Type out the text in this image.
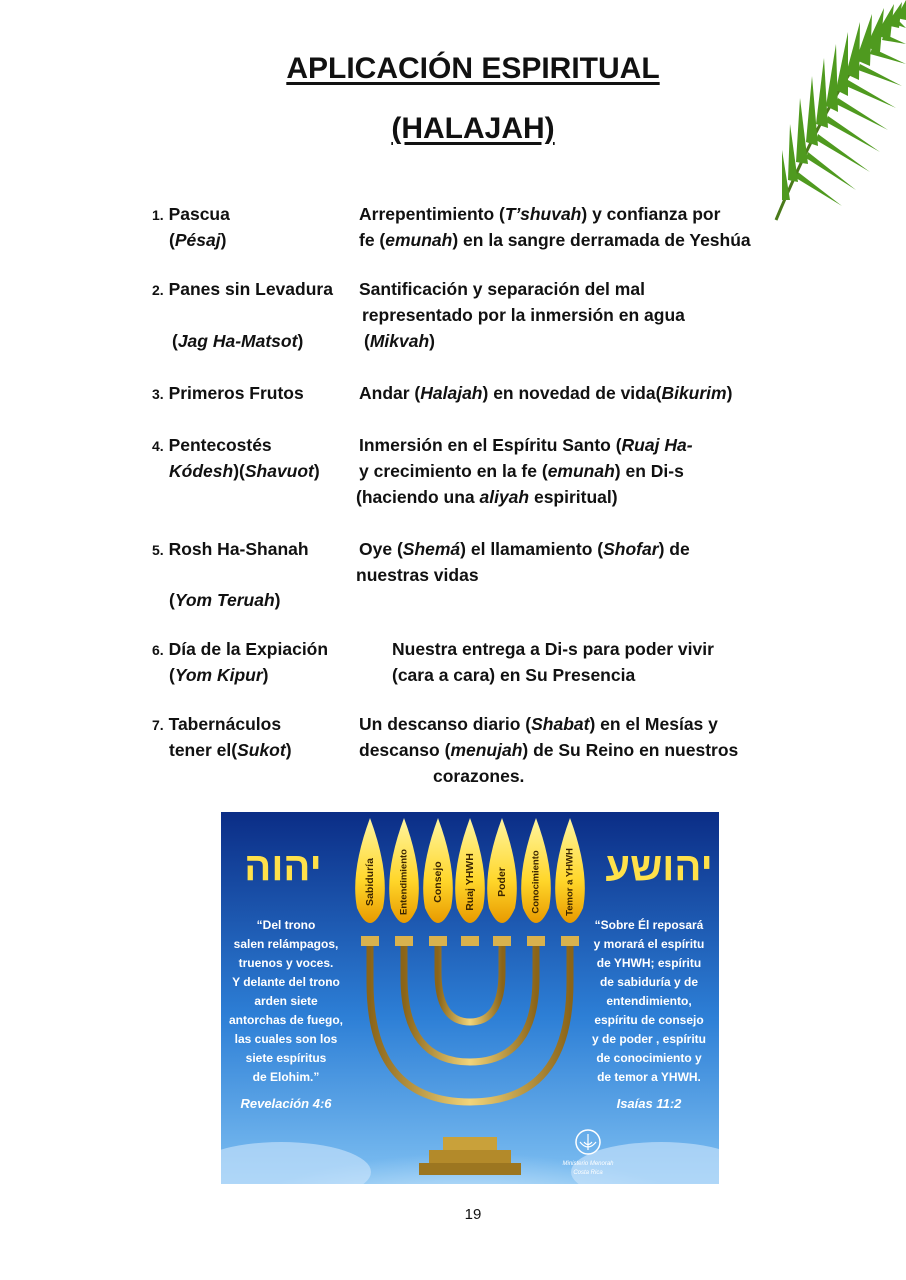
APLICACIÓN ESPIRITUAL
(HALAJAH)
1. Pascua
(Pésaj)
Arrepentimiento (T’shuvah) y confianza por
fe (emunah) en la sangre derramada de Yeshúa
2. Panes sin Levadura
(Jag Ha-Matsot)
Santificación y separación del mal
representado por la inmersión en agua
(Mikvah)
3. Primeros Frutos	Andar (Halajah) en novedad de vida(Bikurim)
4. Pentecostés
Kódesh)(Shavuot)
Inmersión en el Espíritu Santo (Ruaj Ha-
y crecimiento en la fe (emunah) en Di-s
(haciendo una aliyah espiritual)
5. Rosh Ha-Shanah
(Yom Teruah)
Oye (Shemá) el llamamiento (Shofar) de
nuestras vidas
6. Día de la Expiación
(Yom Kipur)
Nuestra entrega a Di-s para poder vivir
(cara a cara) en Su Presencia
7. Tabernáculos
tener el(Sukot)
Un descanso diario (Shabat) en el Mesías y
descanso (menujah) de Su Reino en nuestros
corazones.
יהוה	יהושע
Sabiduría Entendimiento Consejo Ruaj YHWH Poder Conocimiento Temor a YHWH
“Del trono
salen relámpagos,
truenos y voces.
Y delante del trono
arden siete
antorchas de fuego,
las cuales son los
siete espíritus
de Elohim.”
Revelación 4:6
“Sobre Él reposará
y morará el espíritu
de YHWH; espíritu
de sabiduría y de
entendimiento,
espíritu de consejo
y de poder , espíritu
de conocimiento y
de temor a YHWH.
Isaías 11:2
Ministerio Menorah
Costa Rica
19
